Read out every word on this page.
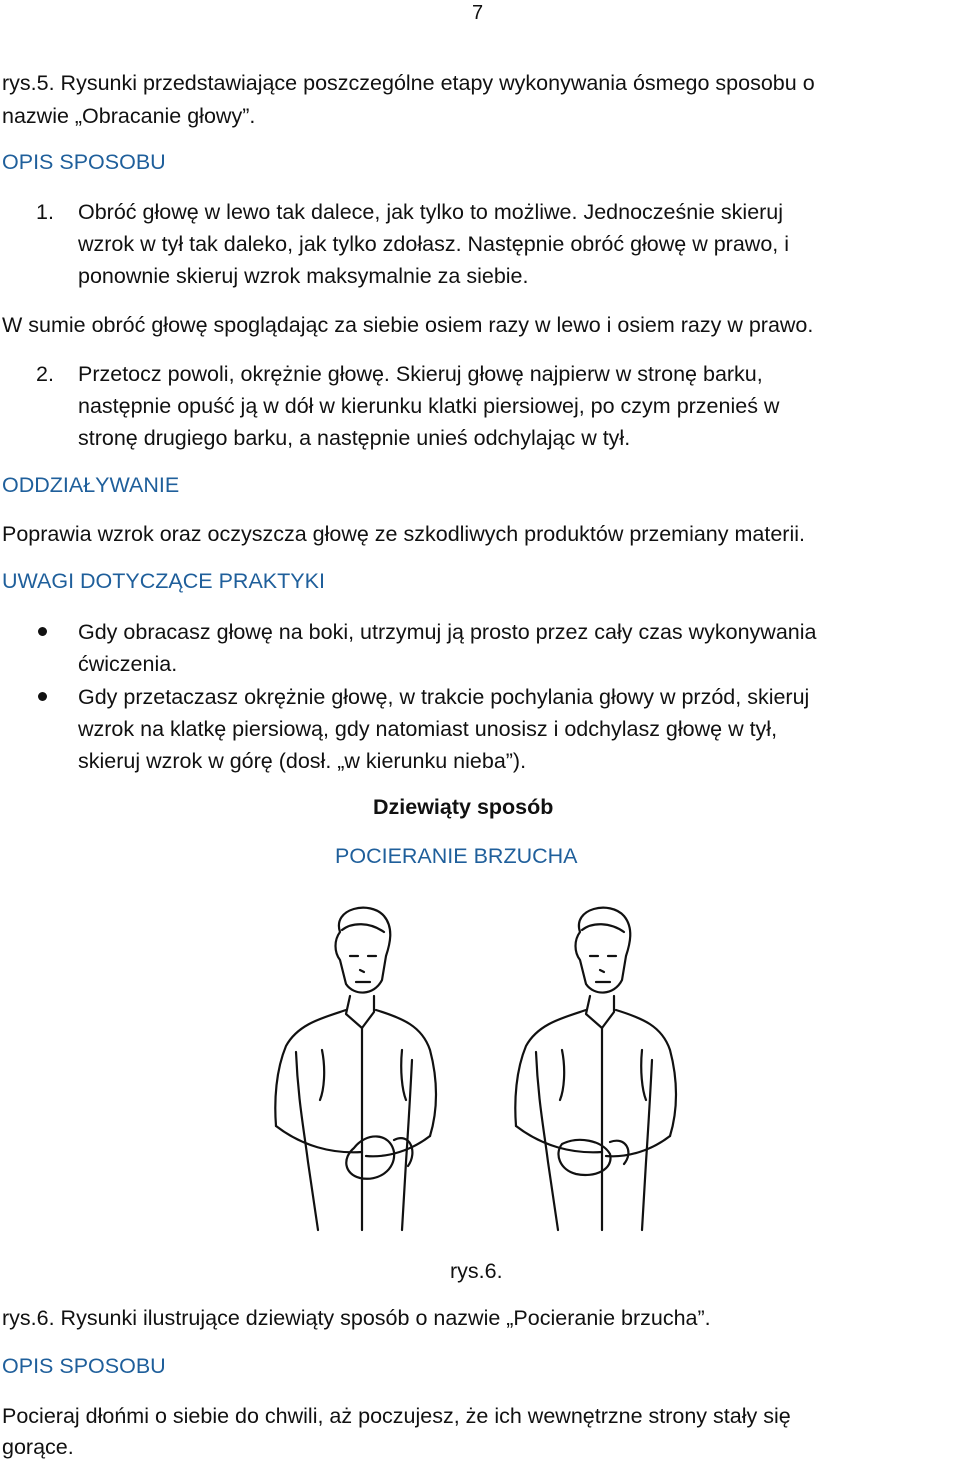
7

rys.5. Rysunki przedstawiające poszczególne etapy wykonywania ósmego sposobu o

nazwie „Obracanie głowy”.

OPIS SPOSOBU

1. Obróć głowę w lewo tak dalece, jak tylko to możliwe. Jednocześnie skieruj

wzrok w tył tak daleko, jak tylko zdołasz. Następnie obróć głowę w prawo, i

ponownie skieruj wzrok maksymalnie za siebie.

W sumie obróć głowę spoglądając za siebie osiem razy w lewo i osiem razy w prawo.

2. Przetocz powoli, okrężnie głowę. Skieruj głowę najpierw w stronę barku,

następnie opuść ją w dół w kierunku klatki piersiowej, po czym przenieś w

stronę drugiego barku, a następnie unieś odchylając w tył.

ODDZIAŁYWANIE

Poprawia wzrok oraz oczyszcza głowę ze szkodliwych produktów przemiany materii.

UWAGI DOTYCZĄCE PRAKTYKI

Gdy obracasz głowę na boki, utrzymuj ją prosto przez cały czas wykonywania

ćwiczenia.

Gdy przetaczasz okrężnie głowę, w trakcie pochylania głowy w przód, skieruj

wzrok na klatkę piersiową, gdy natomiast unosisz i odchylasz głowę w tył,

skieruj wzrok w górę (dosł. „w kierunku nieba”).

Dziewiąty sposób

POCIERANIE BRZUCHA

rys.6.

rys.6. Rysunki ilustrujące dziewiąty sposób o nazwie „Pocieranie brzucha”.

OPIS SPOSOBU

Pocieraj dłońmi o siebie do chwili, aż poczujesz, że ich wewnętrzne strony stały się

gorące.
